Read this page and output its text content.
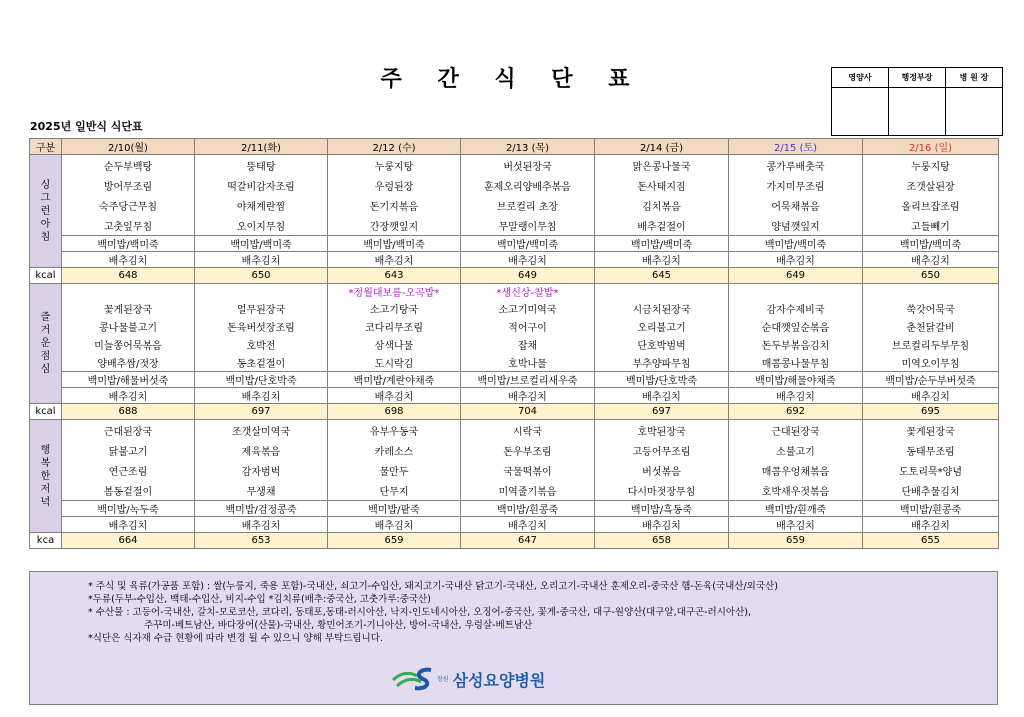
주 간 식 단 표	영양사	행정부장	병 원 장

2025년 일반식 식단표
구분	2/10(월)	2/11(화)	2/12 (수)	2/13 (목)	2/14 (금)	2/15 (토)	2/16 (일)

싱
그
런
아
침	순두부백탕	뚱태탕	누룽지탕	버섯된장국	맑은콩나물국	콩가루배춧국	누룽지탕
	방어무조림	떡갈비감자조림	우렁된장	훈제오리양배추볶음	돈사태지짐	가지미무조림	조갯살된장
	숙주당근무침	야채계란찜	돈기지볶음	브로컬리 초장	김치볶음	어묵채볶음	올리브잡조림
	고춧잎무침	오이지무침	간장깻잎지	무말랭이무침	배추겉절이	양념깻잎지	고들빼기
	백미밥/백미죽	백미밥/백미죽	백미밥/백미죽	백미밥/백미죽	백미밥/백미죽	백미밥/백미죽	백미밥/백미죽
	배추김치	배추김치	배추김치	배추김치	배추김치	배추김치	배추김치
kcal	648	650	643	649	645	649	650

즐
거
운
점
심			*정월대보름-오곡밥*	*생신상-찰밥*			
	꽃게된장국	얼무된장국	소고기탕국	소고기미역국	시금치된장국	감자수제비국	쑥갓어묵국
	콩나물불고기	돈육버섯장조림	코다리무조림	적어구이	오리불고기	순대깻잎순볶음	춘천닭갈비
	미늘쫑어묵볶음	호박전	삼색나물	잡채	단호박범벅	돈두부볶음김치	브로컬리두부무침
	양배추쌈/젓장	동초겉절이	도시락김	호박나물	부추양파무침	매콤콩나물무침	미역오이무침
	백미밥/해물버섯죽	백미밥/단호박죽	백미밥/계란야채죽	백미밥/브로컬리새우죽	백미밥/단호박죽	백미밥/해물야채죽	백미밥/순두부버섯죽
	배추김치	배추김치	배추김치	배추김치	배추김치	배추김치	배추김치
kcal	688	697	698	704	697	692	695

행
복
한
저
녁	근대된장국	조갯살미역국	유부우동국	시락국	호박된장국	근대된장국	꽃게된장국
	닭불고기	제육볶음	카레소스	돈우부조림	고등어무조림	소불고기	동태무조림
	연근조림	감자범벅	물만두	국물떡볶이	버섯볶음	매콤우엉채볶음	도토리묵*양념
	봄동겉절이	무생채	단무지	미역줄기볶음	다시마젓장무침	호박새우젓볶음	단배추물김치
	백미밥/녹두죽	백미밥/검정콩죽	백미밥/팥죽	백미밥/흰콩죽	백미밥/흑동죽	백미밥/흰깨죽	백미밥/흰콩죽
	배추김치	배추김치	배추김치	배추김치	배추김치	배추김치	배추김치
kca	664	653	659	647	658	659	655
* 주식 및 육류(가공품 포함) : 쌀(누룽지, 죽용 포함)-국내산, 쇠고기-수입산, 돼지고기-국내산 닭고기-국내산, 오리고기-국내산 훈제오리-중국산 햄-돈육(국내산/외국산)
*두류(두부-수입산, 백태-수입산, 비지-수입 *김치류(배추:중국산, 고춧가루:중국산)
* 수산물 : 고등어-국내산, 갈치-모로코산, 코다리, 동태포,동태-러시아산, 낙지-인도네시아산, 오징어-중국산, 꽃게-중국산, 대구-원양산(대구알,대구곤-러시아산),
주꾸미-베트남산, 바다장어(산물)-국내산, 황민어조기-기니아산, 방어-국내산, 우렁살-베트남산
*식단은 식자재 수급 현황에 따라 변경 될 수 있으니 양해 부탁드립니다.
창원 삼성요양병원
